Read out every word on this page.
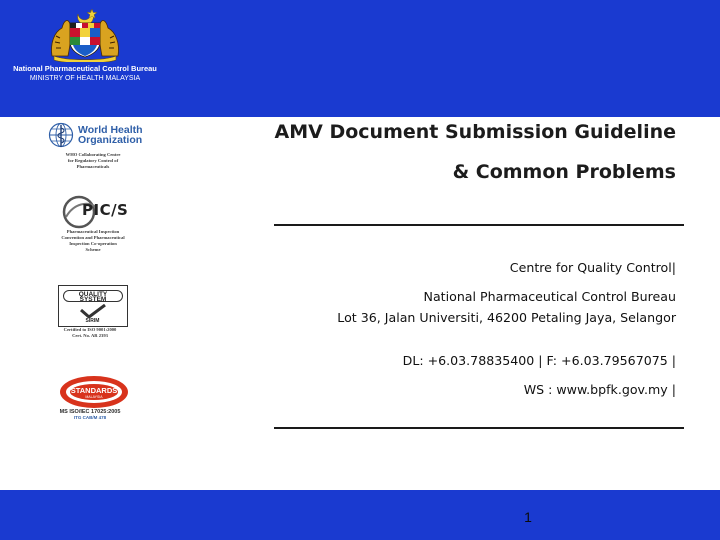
National Pharmaceutical Control Bureau
MINISTRY OF HEALTH MALAYSIA
World Health
Organization
WHO Collaborating Centre
for Regulatory Control of
Pharmaceuticals
PIC/S
Pharmaceutical Inspection
Convention and Pharmaceutical
Inspection Co-operation
Scheme
QUALITY
SYSTEM
SIRIM
Certified to ISO 9001:2000
Cert. No. AR 2393
STANDARDS
MALAYSIA
MS ISO/IEC 17025:2005
ITG CAB/M 478
AMV Document Submission Guideline
& Common Problems
Centre for Quality Control|
National Pharmaceutical Control Bureau
Lot 36, Jalan Universiti, 46200 Petaling Jaya, Selangor
DL: +6.03.78835400 | F: +6.03.79567075 |
WS : www.bpfk.gov.my |
1
